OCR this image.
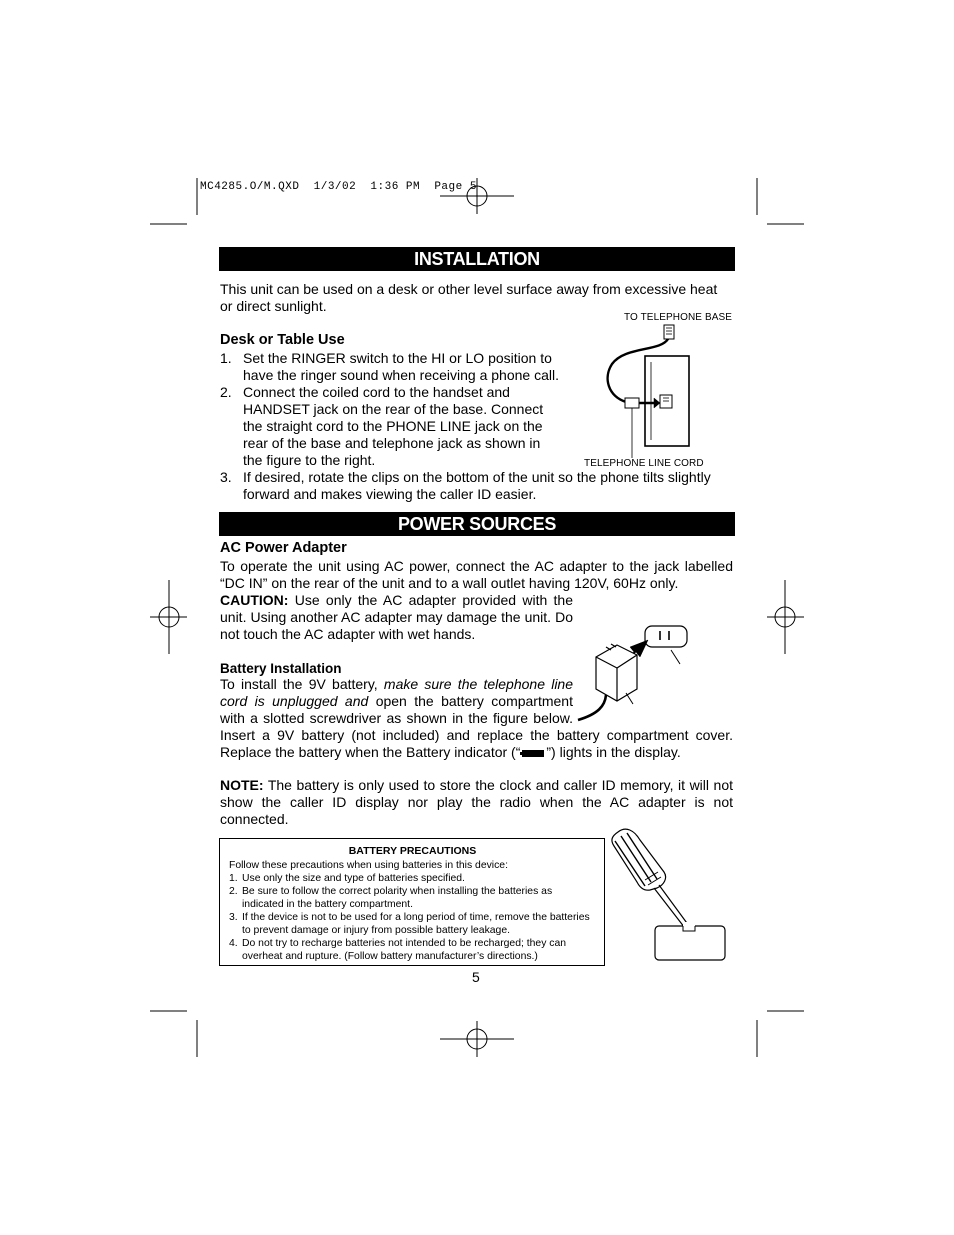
MC4285.O/M.QXD  1/3/02  1:36 PM  Page 5
INSTALLATION
This unit can be used on a desk or other level surface away from excessive heat or direct sunlight.
Desk or Table Use
1. Set the RINGER switch to the HI or LO position to have the ringer sound when receiving a phone call.
2. Connect the coiled cord to the handset and HANDSET jack on the rear of the base. Connect the straight cord to the PHONE LINE jack on the rear of the base and telephone jack as shown in the figure to the right.
3. If desired, rotate the clips on the bottom of the unit so the phone tilts slightly forward and makes viewing the caller ID easier.
TO TELEPHONE BASE
TELEPHONE LINE CORD
POWER SOURCES
AC Power Adapter
To operate the unit using AC power, connect the AC adapter to the jack labelled “DC IN” on the rear of the unit and to a wall outlet having 120V, 60Hz only.
CAUTION: Use only the AC adapter provided with the unit. Using another AC adapter may damage the unit. Do not touch the AC adapter with wet hands.
Battery Installation
To install the 9V battery, make sure the telephone line cord is unplugged and open the battery compartment with a slotted screwdriver as shown in the figure below. Insert a 9V battery (not included) and replace the battery compartment cover. Replace the battery when the Battery indicator (“ ”) lights in the display.
NOTE: The battery is only used to store the clock and caller ID memory, it will not show the caller ID display nor play the radio when the AC adapter is not connected.
BATTERY PRECAUTIONS
Follow these precautions when using batteries in this device:
1. Use only the size and type of batteries specified.
2. Be sure to follow the correct polarity when installing the batteries as indicated in the battery compartment.
3. If the device is not to be used for a long period of time, remove the batteries to prevent damage or injury from possible battery leakage.
4. Do not try to recharge batteries not intended to be recharged; they can overheat and rupture. (Follow battery manufacturer’s directions.)
5
